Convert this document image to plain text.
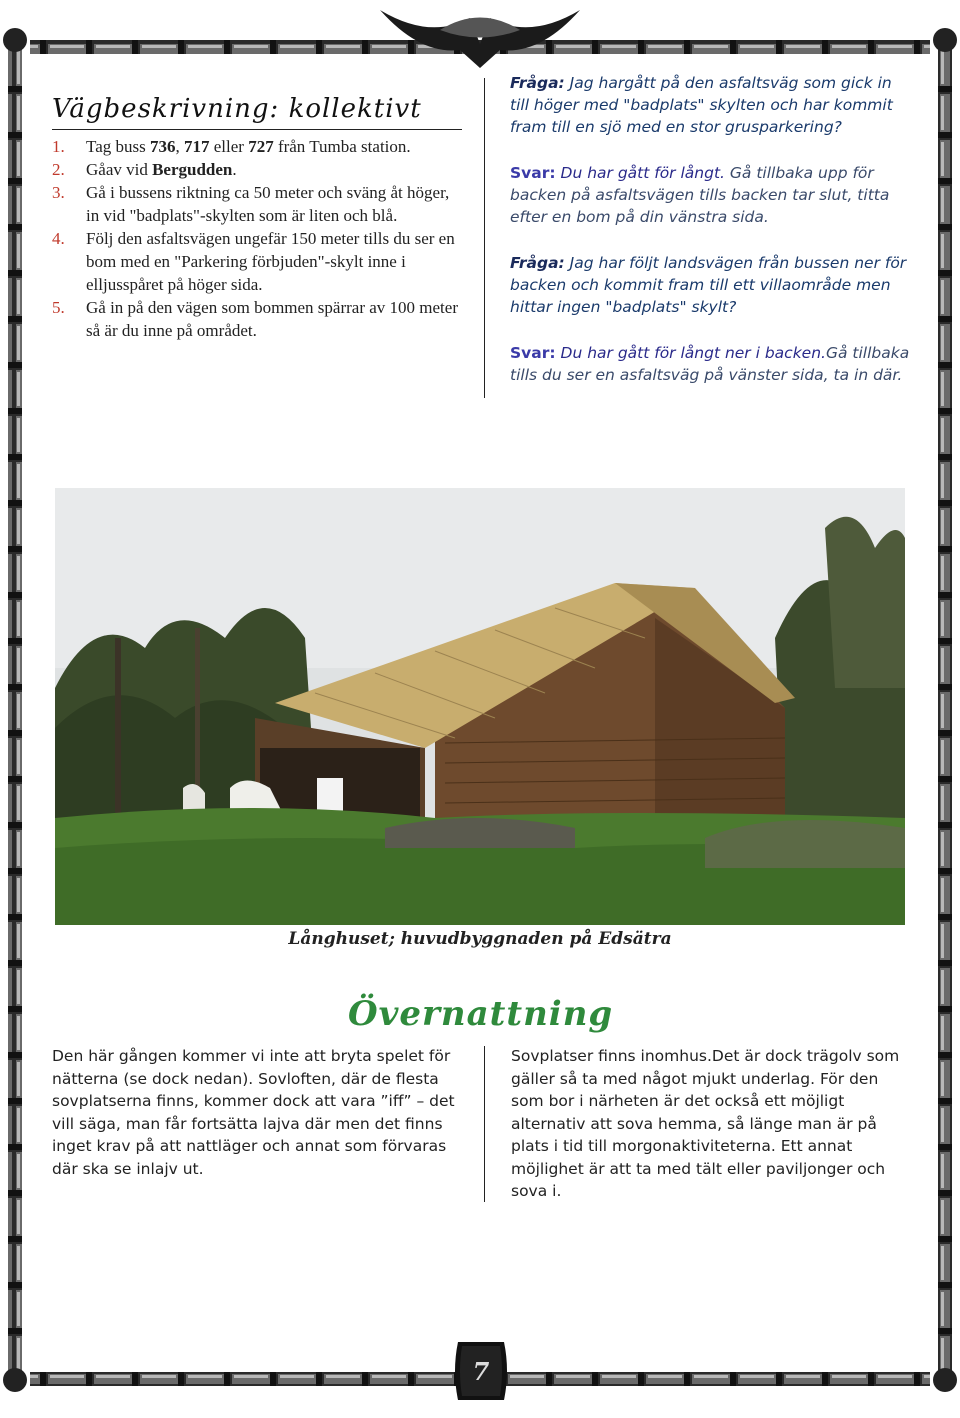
Vägbeskrivning: kollektivt
1. Tag buss 736, 717 eller 727 från Tumba station.
2. Gåav vid Bergudden.
3. Gå i bussens riktning ca 50 meter och sväng åt höger, in vid "badplats"-skylten som är liten och blå.
4. Följ den asfaltsvägen ungefär 150 meter tills du ser en bom med en "Parkering förbjuden"-skylt inne i elljusspåret på höger sida.
5. Gå in på den vägen som bommen spärrar av 100 meter så är du inne på området.

Fråga: Jag hargått på den asfaltsväg som gick in till höger med "badplats" skylten och har kommit fram till en sjö med en stor grusparkering?

Svar: Du har gått för långt. Gå tillbaka upp för backen på asfaltsvägen tills backen tar slut, titta efter en bom på din vänstra sida.

Fråga: Jag har följt landsvägen från bussen ner för backen och kommit fram till ett villaområde men hittar ingen "badplats" skylt?

Svar: Du har gått för långt ner i backen.Gå tillbaka tills du ser en asfaltsväg på vänster sida, ta in där.

Långhuset; huvudbyggnaden på Edsätra
Övernattning

Den här gången kommer vi inte att bryta spelet för nätterna (se dock nedan). Sovloften, där de flesta sovplatserna finns, kommer dock att vara ”iff” – det vill säga, man får fortsätta lajva där men det finns inget krav på att nattläger och annat som förvaras där ska se inlajv ut.

Sovplatser finns inomhus.Det är dock trägolv som gäller så ta med något mjukt underlag. För den som bor i närheten är det också ett möjligt alternativ att sova hemma, så länge man är på plats i tid till morgonaktiviteterna. Ett annat möjlighet är att ta med tält eller paviljonger och sova i.

7
